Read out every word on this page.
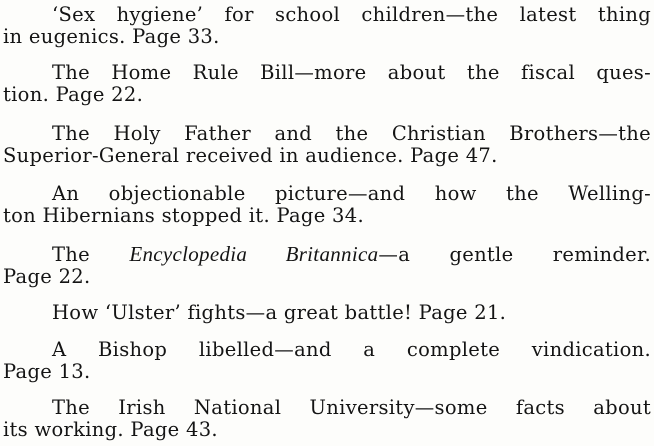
‘Sex hygiene’ for school children—the latest thing
in eugenics. Page 33.
The Home Rule Bill—more about the fiscal ques-
tion. Page 22.
The Holy Father and the Christian Brothers—the
Superior-General received in audience. Page 47.
An objectionable picture—and how the Welling-
ton Hibernians stopped it. Page 34.
The Encyclopedia Britannica—a gentle reminder.
Page 22.
How ‘Ulster’ fights—a great battle! Page 21.
A Bishop libelled—and a complete vindication.
Page 13.
The Irish National University—some facts about
its working. Page 43.
